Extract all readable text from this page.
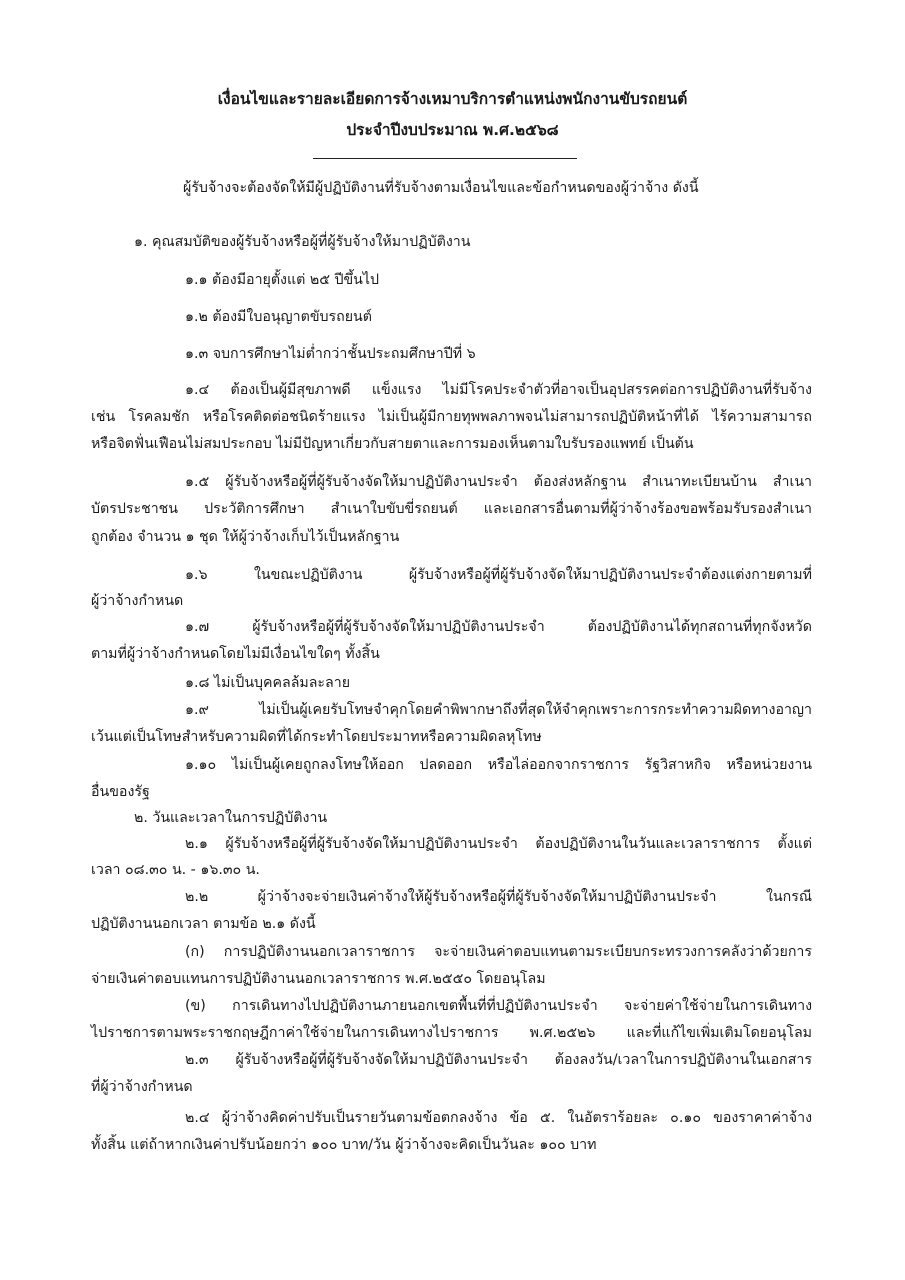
เงื่อนไขและรายละเอียดการจ้างเหมาบริการตำแหน่งพนักงานขับรถยนต์
ประจำปีงบประมาณ พ.ศ.๒๕๖๘
ผู้รับจ้างจะต้องจัดให้มีผู้ปฏิบัติงานที่รับจ้างตามเงื่อนไขและข้อกำหนดของผู้ว่าจ้าง ดังนี้
๑. คุณสมบัติของผู้รับจ้างหรือผู้ที่ผู้รับจ้างให้มาปฏิบัติงาน
๑.๑ ต้องมีอายุตั้งแต่ ๒๕ ปีขึ้นไป
๑.๒ ต้องมีใบอนุญาตขับรถยนต์
๑.๓ จบการศึกษาไม่ต่ำกว่าชั้นประถมศึกษาปีที่ ๖
๑.๔ ต้องเป็นผู้มีสุขภาพดี แข็งแรง ไม่มีโรคประจำตัวที่อาจเป็นอุปสรรคต่อการปฏิบัติงานที่รับจ้าง
เช่น โรคลมชัก หรือโรคติดต่อชนิดร้ายแรง ไม่เป็นผู้มีกายทุพพลภาพจนไม่สามารถปฏิบัติหน้าที่ได้ ไร้ความสามารถ
หรือจิตฟั่นเฟือนไม่สมประกอบ ไม่มีปัญหาเกี่ยวกับสายตาและการมองเห็นตามใบรับรองแพทย์ เป็นต้น
๑.๕ ผู้รับจ้างหรือผู้ที่ผู้รับจ้างจัดให้มาปฏิบัติงานประจำ ต้องส่งหลักฐาน สำเนาทะเบียนบ้าน สำเนา
บัตรประชาชน ประวัติการศึกษา สำเนาใบขับขี่รถยนต์ และเอกสารอื่นตามที่ผู้ว่าจ้างร้องขอพร้อมรับรองสำเนา
ถูกต้อง จำนวน ๑ ชุด ให้ผู้ว่าจ้างเก็บไว้เป็นหลักฐาน
๑.๖ ในขณะปฏิบัติงาน ผู้รับจ้างหรือผู้ที่ผู้รับจ้างจัดให้มาปฏิบัติงานประจำต้องแต่งกายตามที่
ผู้ว่าจ้างกำหนด
๑.๗ ผู้รับจ้างหรือผู้ที่ผู้รับจ้างจัดให้มาปฏิบัติงานประจำ ต้องปฏิบัติงานได้ทุกสถานที่ทุกจังหวัด
ตามที่ผู้ว่าจ้างกำหนดโดยไม่มีเงื่อนไขใดๆ ทั้งสิ้น
๑.๘ ไม่เป็นบุคคลล้มละลาย
๑.๙ ไม่เป็นผู้เคยรับโทษจำคุกโดยคำพิพากษาถึงที่สุดให้จำคุกเพราะการกระทำความผิดทางอาญา
เว้นแต่เป็นโทษสำหรับความผิดที่ได้กระทำโดยประมาทหรือความผิดลหุโทษ
๑.๑๐ ไม่เป็นผู้เคยถูกลงโทษให้ออก ปลดออก หรือไล่ออกจากราชการ รัฐวิสาหกิจ หรือหน่วยงาน
อื่นของรัฐ
๒. วันและเวลาในการปฏิบัติงาน
๒.๑ ผู้รับจ้างหรือผู้ที่ผู้รับจ้างจัดให้มาปฏิบัติงานประจำ ต้องปฏิบัติงานในวันและเวลาราชการ ตั้งแต่
เวลา ๐๘.๓๐ น. - ๑๖.๓๐ น.
๒.๒ ผู้ว่าจ้างจะจ่ายเงินค่าจ้างให้ผู้รับจ้างหรือผู้ที่ผู้รับจ้างจัดให้มาปฏิบัติงานประจำ ในกรณี
ปฏิบัติงานนอกเวลา ตามข้อ ๒.๑ ดังนี้
(ก) การปฏิบัติงานนอกเวลาราชการ จะจ่ายเงินค่าตอบแทนตามระเบียบกระทรวงการคลังว่าด้วยการ
จ่ายเงินค่าตอบแทนการปฏิบัติงานนอกเวลาราชการ พ.ศ.๒๕๕๐ โดยอนุโลม
(ข) การเดินทางไปปฏิบัติงานภายนอกเขตพื้นที่ที่ปฏิบัติงานประจำ จะจ่ายค่าใช้จ่ายในการเดินทาง
ไปราชการตามพระราชกฤษฎีกาค่าใช้จ่ายในการเดินทางไปราชการ พ.ศ.๒๕๒๖ และที่แก้ไขเพิ่มเติมโดยอนุโลม
๒.๓ ผู้รับจ้างหรือผู้ที่ผู้รับจ้างจัดให้มาปฏิบัติงานประจำ ต้องลงวัน/เวลาในการปฏิบัติงานในเอกสาร
ที่ผู้ว่าจ้างกำหนด
๒.๔ ผู้ว่าจ้างคิดค่าปรับเป็นรายวันตามข้อตกลงจ้าง ข้อ ๕. ในอัตราร้อยละ ๐.๑๐ ของราคาค่าจ้าง
ทั้งสิ้น แต่ถ้าหากเงินค่าปรับน้อยกว่า ๑๐๐ บาท/วัน ผู้ว่าจ้างจะคิดเป็นวันละ ๑๐๐ บาท
